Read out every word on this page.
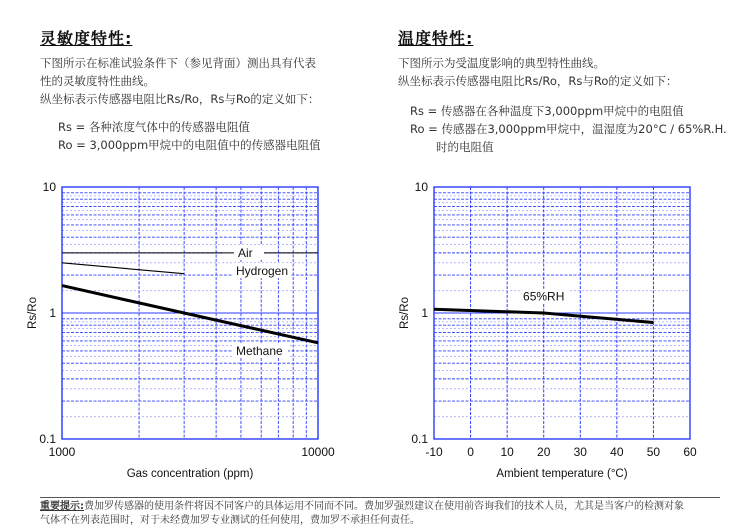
灵敏度特性:
下图所示在标准试验条件下（参见背面）测出具有代表
性的灵敏度特性曲线。
纵坐标表示传感器电阻比Rs/Ro，Rs与Ro的定义如下：
Rs = 各种浓度气体中的传感器电阻值
Ro = 3,000ppm甲烷中的电阻值中的传感器电阻值
温度特性:
下图所示为受温度影响的典型特性曲线。
纵坐标表示传感器电阻比Rs/Ro，Rs与Ro的定义如下：
Rs = 传感器在各种温度下3,000ppm甲烷中的电阻值
Ro = 传感器在3,000ppm甲烷中，温湿度为20°C / 65%R.H.
时的电阻值
10
1
0.1
1000	10000
Gas concentration (ppm)
Rs/Ro
Air
Hydrogen
Methane
10
1
0.1
-10 0 10 20 30 40 50 60
Ambient temperature (°C)
Rs/Ro
65%RH
重要提示:费加罗传感器的使用条件将因不同客户的具体运用不同而不同。费加罗强烈建议在使用前咨询我们的技术人员，尤其是当客户的检测对象
气体不在列表范围时，对于未经费加罗专业测试的任何使用，费加罗不承担任何责任。
